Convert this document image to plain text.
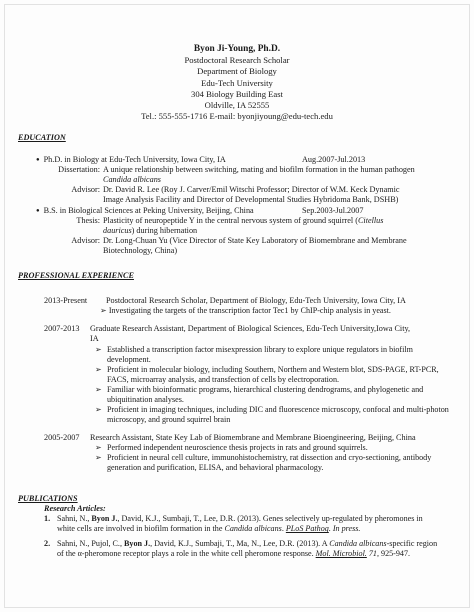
Byon Ji-Young, Ph.D.
Postdoctoral Research Scholar
Department of Biology
Edu-Tech University
304 Biology Building East
Oldville, IA 52555
Tel.: 555-555-1716 E-mail: byonjiyoung@edu-tech.edu
EDUCATION
● Ph.D. in Biology at Edu-Tech University, Iowa City, IA	Aug.2007-Jul.2013
Dissertation: A unique relationship between switching, mating and biofilm formation in the human pathogen
Candida albicans
Advisor: Dr. David R. Lee (Roy J. Carver/Emil Witschi Professor; Director of W.M. Keck Dynamic
Image Analysis Facility and Director of Developmental Studies Hybridoma Bank, DSHB)
● B.S. in Biological Sciences at Peking University, Beijing, China	Sep.2003-Jul.2007
Thesis: Plasticity of neuropeptide Y in the central nervous system of ground squirrel (Citellus
dauricus) during hibernation
Advisor: Dr. Long-Chuan Yu (Vice Director of State Key Laboratory of Biomembrane and Membrane
Biotechnology, China)
PROFESSIONAL EXPERIENCE
2013-Present Postdoctoral Research Scholar, Department of Biology, Edu-Tech University, Iowa City, IA
➢ Investigating the targets of the transcription factor Tec1 by ChIP-chip analysis in yeast.
2007-2013 Graduate Research Assistant, Department of Biological Sciences, Edu-Tech University,Iowa City,
IA
➢ Established a transcription factor misexpression library to explore unique regulators in biofilm development.
➢ Proficient in molecular biology, including Southern, Northern and Western blot, SDS-PAGE, RT-PCR, FACS, microarray analysis, and transfection of cells by electroporation.
➢ Familiar with bioinformatic programs, hierarchical clustering dendrograms, and phylogenetic and ubiquitination analyses.
➢ Proficient in imaging techniques, including DIC and fluorescence microscopy, confocal and multi-photon microscopy, and ground squirrel brain
2005-2007 Research Assistant, State Key Lab of Biomembrane and Membrane Bioengineering, Beijing, China
➢ Performed independent neuroscience thesis projects in rats and ground squirrels.
➢ Proficient in neural cell culture, immunohistochemistry, rat dissection and cryo-sectioning, antibody generation and purification, ELISA, and behavioral pharmacology.
PUBLICATIONS
Research Articles:
1. Sahni, N., Byon J., David, K.J., Sumbaji, T., Lee, D.R. (2013). Genes selectively up-regulated by pheromones in white cells are involved in biofilm formation in the Candida albicans. PLoS Pathog. In press.
2. Sahni, N., Pujol, C., Byon J., David, K.J., Sumbaji, T., Ma, N., Lee, D.R. (2013). A Candida albicans-specific region of the α-pheromone receptor plays a role in the white cell pheromone response. Mol. Microbiol. 71, 925-947.
